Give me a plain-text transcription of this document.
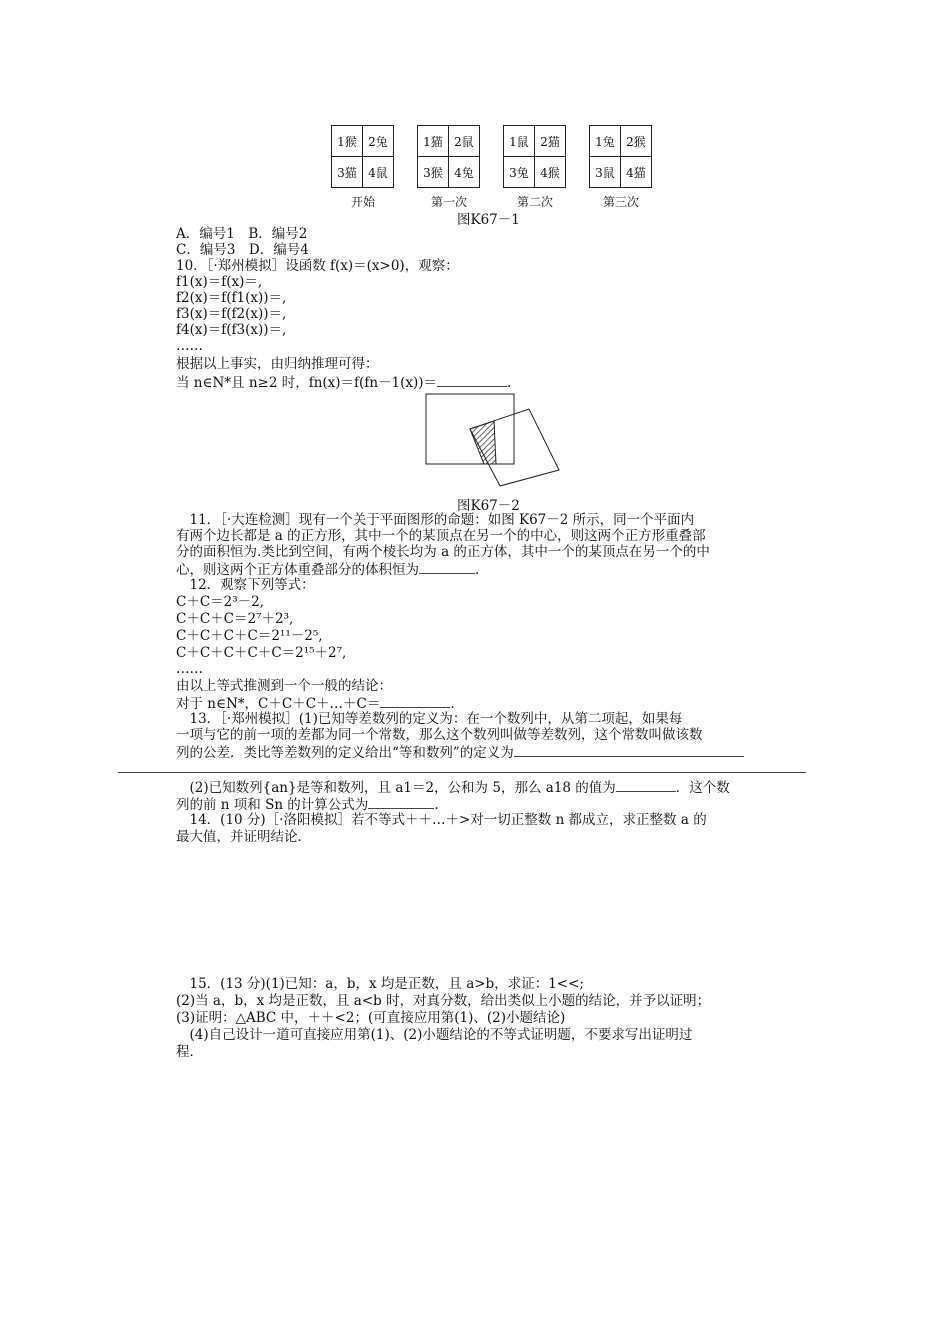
1猴	2兔
3猫	4鼠
1猫	2鼠
3猴	4兔
1鼠	2猫
3兔	4猴
1兔	2猴
3鼠	4猫
开始	第一次	第二次	第三次
图K67－1
A．编号1　B．编号2
C．编号3　D．编号4
10．［·郑州模拟］设函数 f(x)＝(x>0)，观察：
f1(x)＝f(x)＝,
f2(x)＝f(f1(x))＝,
f3(x)＝f(f2(x))＝,
f4(x)＝f(f3(x))＝,
……
根据以上事实，由归纳推理可得：
当 n∈N*且 n≥2 时，fn(x)＝f(fn－1(x))＝	.
图K67－2
　11．［·大连检测］现有一个关于平面图形的命题：如图 K67－2 所示，同一个平面内
有两个边长都是 a 的正方形，其中一个的某顶点在另一个的中心，则这两个正方形重叠部
分的面积恒为.类比到空间，有两个棱长均为 a 的正方体，其中一个的某顶点在另一个的中
心，则这两个正方体重叠部分的体积恒为	.
　12．观察下列等式：
C＋C＝2³－2,
C＋C＋C＝2⁷＋2³,
C＋C＋C＋C＝2¹¹－2⁵,
C＋C＋C＋C＋C＝2¹⁵＋2⁷,
……
由以上等式推测到一个一般的结论：
对于 n∈N*，C＋C＋C＋…＋C＝	.
　13．［·郑州模拟］(1)已知等差数列的定义为：在一个数列中，从第二项起，如果每
一项与它的前一项的差都为同一个常数，那么这个数列叫做等差数列，这个常数叫做该数
列的公差．类比等差数列的定义给出“等和数列”的定义为
　(2)已知数列{an}是等和数列，且 a1＝2，公和为 5，那么 a18 的值为	．这个数
列的前 n 项和 Sn 的计算公式为	.
　14．(10 分)［·洛阳模拟］若不等式＋＋…＋>对一切正整数 n 都成立，求正整数 a 的
最大值，并证明结论．
　15．(13 分)(1)已知：a，b，x 均是正数，且 a>b，求证：1<<;
(2)当 a，b，x 均是正数，且 a<b 时，对真分数，给出类似上小题的结论，并予以证明；
(3)证明：△ABC 中，＋＋<2；(可直接应用第(1)、(2)小题结论)
　(4)自己设计一道可直接应用第(1)、(2)小题结论的不等式证明题，不要求写出证明过
程．
